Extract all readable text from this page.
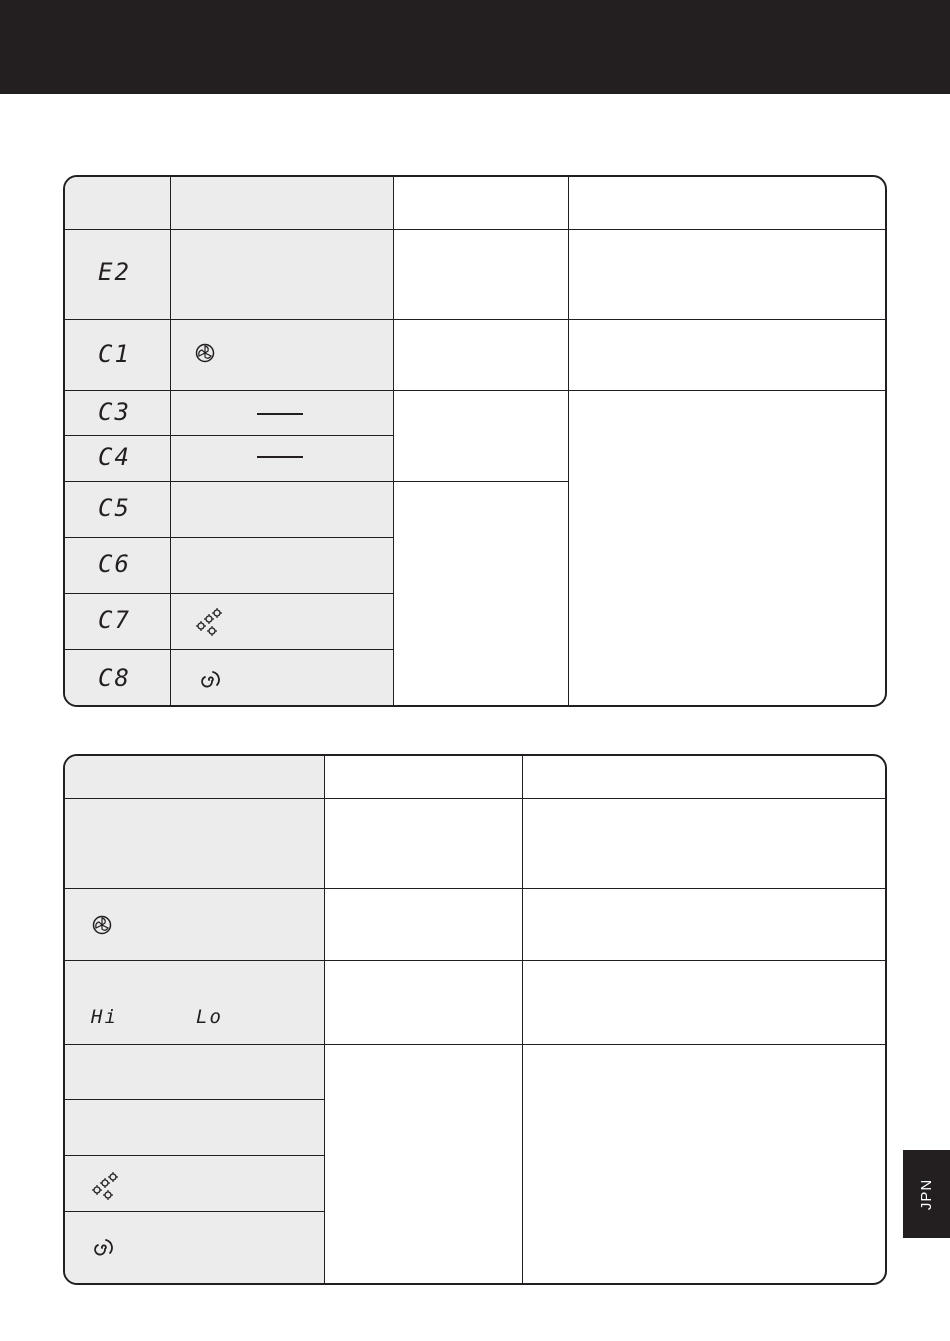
E2
C1
C3
C4
C5
C6
C7
C8
Hi	Lo
JPN
